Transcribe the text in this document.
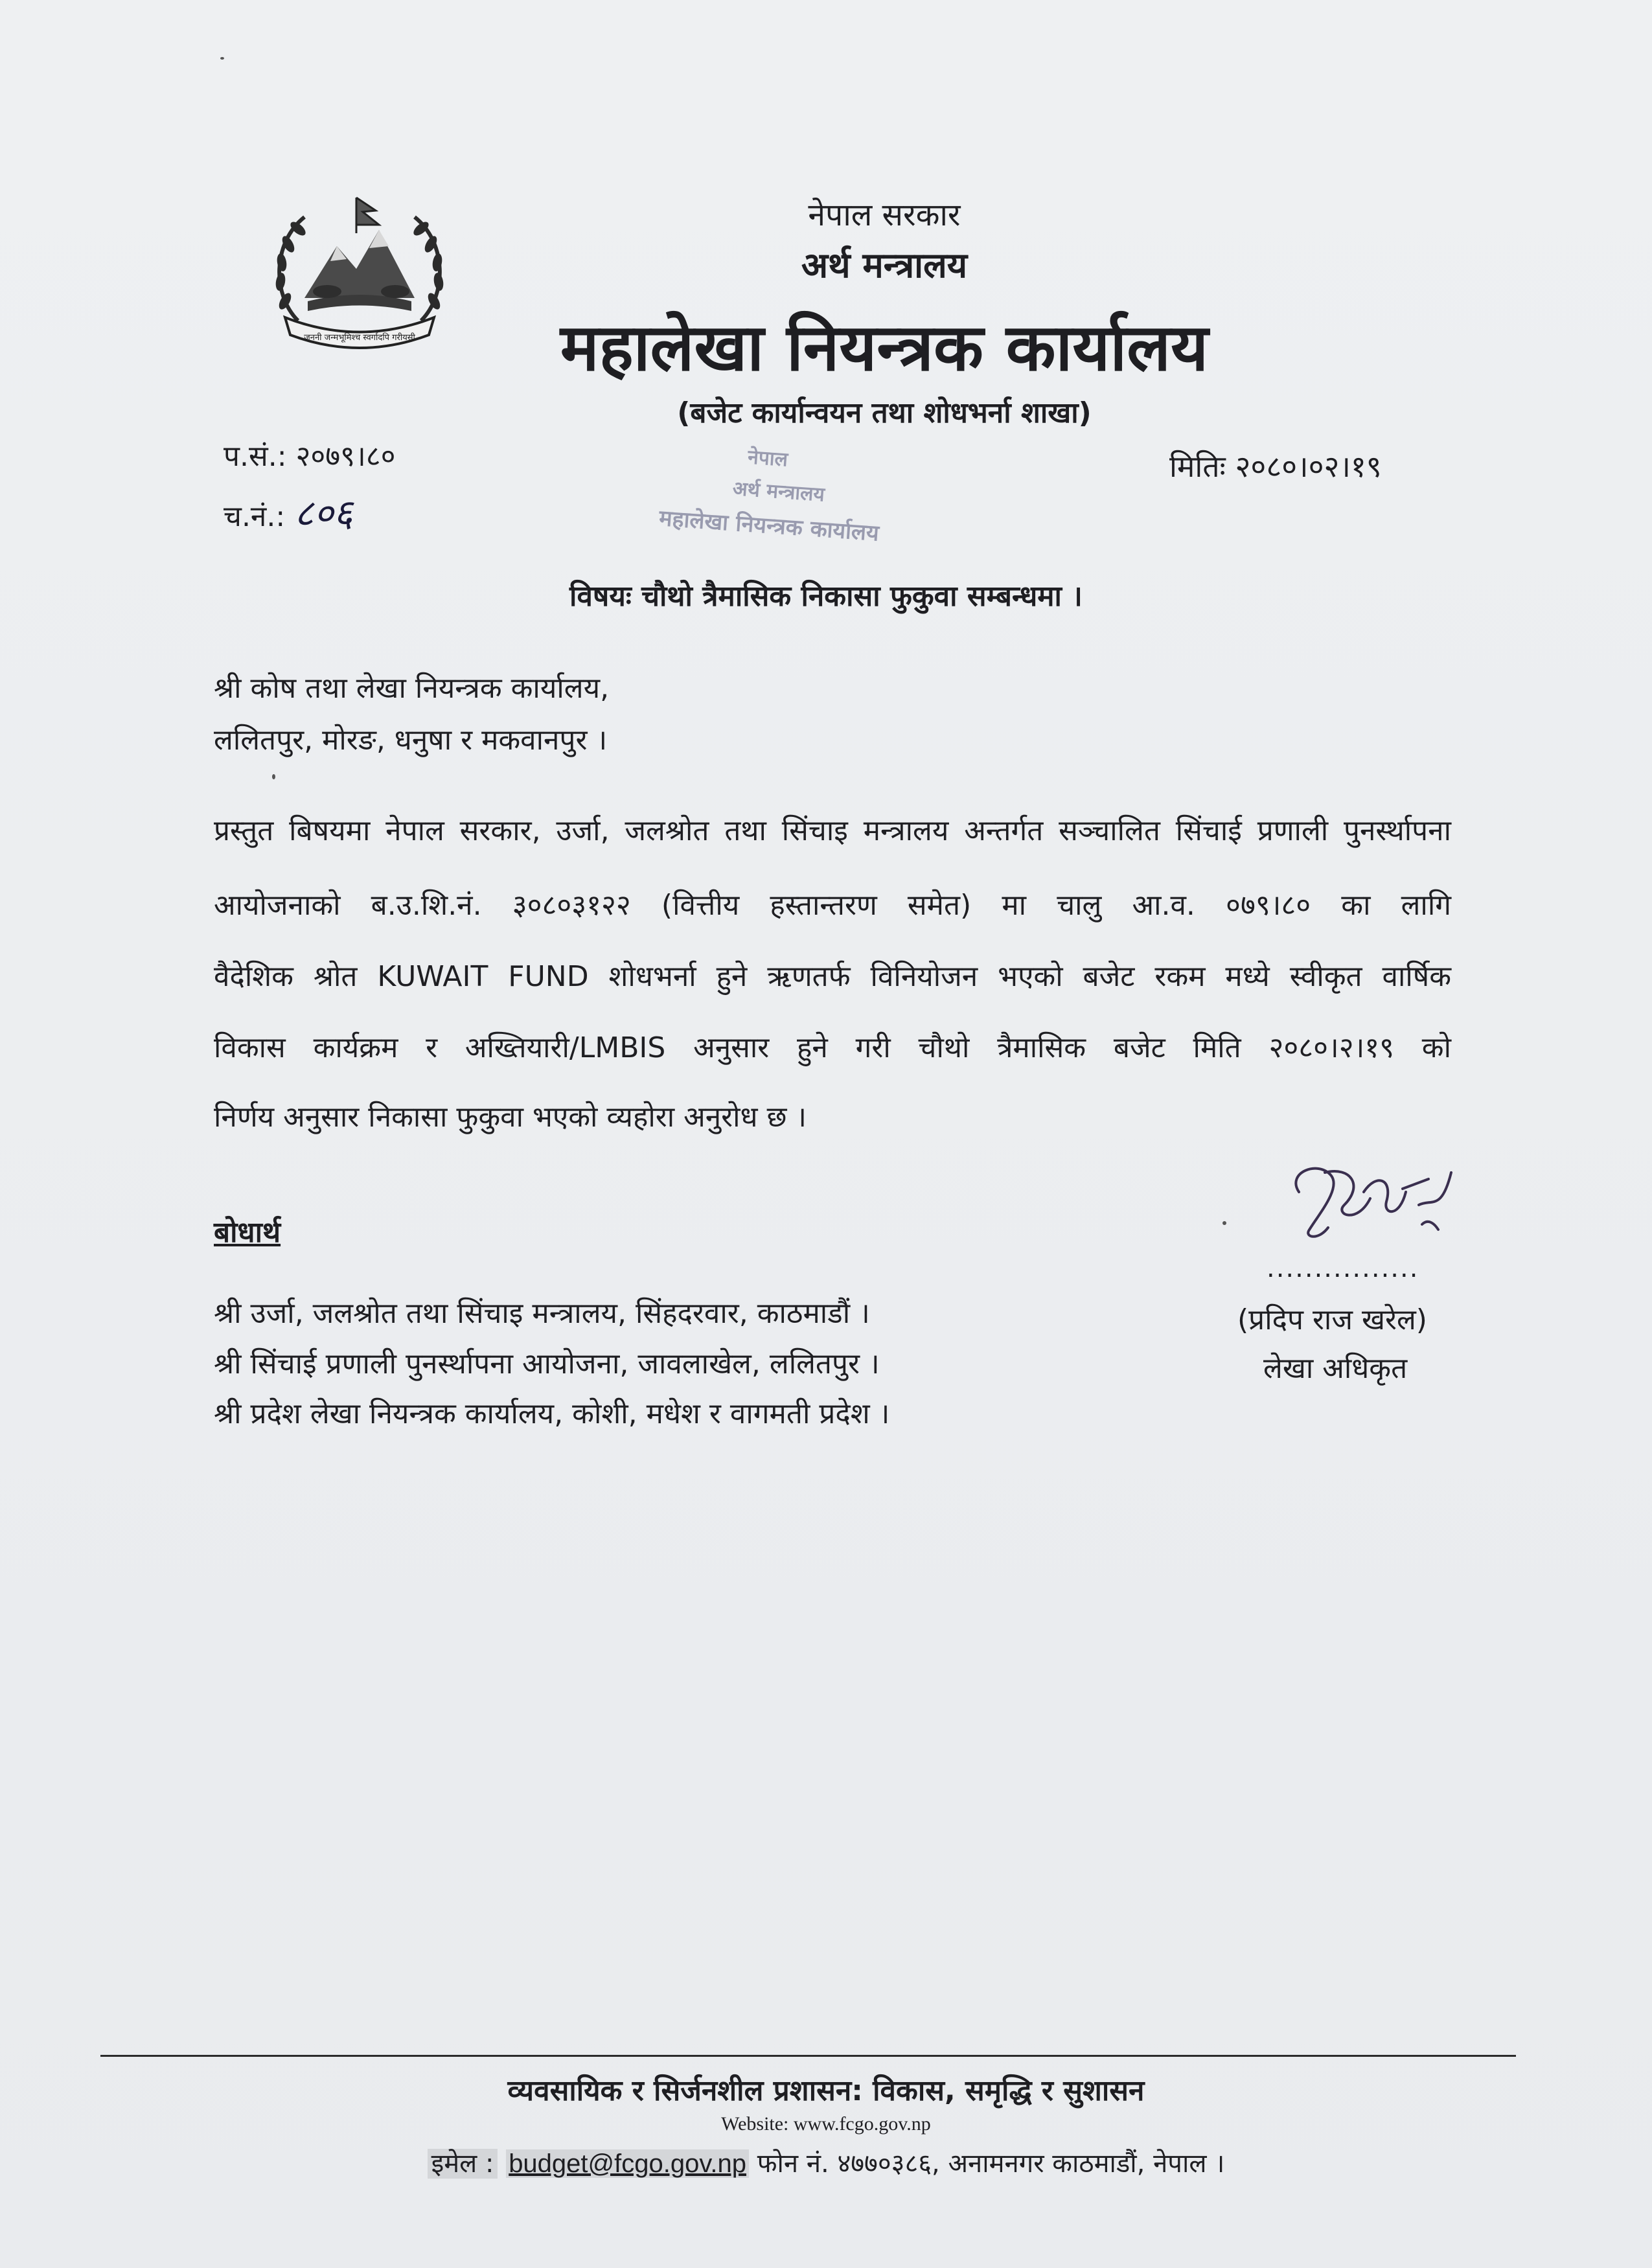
जननी जन्मभूमिश्च स्वर्गादपि गरीयसी
नेपाल सरकार
अर्थ मन्त्रालय
महालेखा नियन्त्रक कार्यालय
(बजेट कार्यान्वयन तथा शोधभर्ना शाखा)
प.सं.: २०७९।८०
च.नं.: ८०६
मितिः २०८०।०२।१९
नेपाल
अर्थ मन्त्रालय
महालेखा नियन्त्रक कार्यालय
विषयः चौथो त्रैमासिक निकासा फुकुवा सम्बन्धमा ।
श्री कोष तथा लेखा नियन्त्रक कार्यालय,
ललितपुर, मोरङ, धनुषा र मकवानपुर ।
प्रस्तुत बिषयमा नेपाल सरकार, उर्जा, जलश्रोत तथा सिंचाइ मन्त्रालय अन्तर्गत सञ्चालित सिंचाई प्रणाली पुनर्स्थापना
आयोजनाको ब.उ.शि.नं. ३०८०३१२२ (वित्तीय हस्तान्तरण समेत) मा चालु आ.व. ०७९।८० का लागि
वैदेशिक श्रोत KUWAIT FUND शोधभर्ना हुने ऋणतर्फ विनियोजन भएको बजेट रकम मध्ये स्वीकृत वार्षिक
विकास कार्यक्रम र अख्तियारी/LMBIS अनुसार हुने गरी चौथो त्रैमासिक बजेट मिति २०८०।२।१९ को
निर्णय अनुसार निकासा फुकुवा भएको व्यहोरा अनुरोध छ ।
बोधार्थ
श्री उर्जा, जलश्रोत तथा सिंचाइ मन्त्रालय, सिंहदरवार, काठमाडौं ।
श्री सिंचाई प्रणाली पुनर्स्थापना आयोजना, जावलाखेल, ललितपुर ।
श्री प्रदेश लेखा नियन्त्रक कार्यालय, कोशी, मधेश र वागमती प्रदेश ।
................
(प्रदिप राज खरेल)
लेखा अधिकृत
व्यवसायिक र सिर्जनशील प्रशासन: विकास, समृद्धि र सुशासन
Website: www.fcgo.gov.np
इमेल : budget@fcgo.gov.np फोन नं. ४७७०३८६, अनामनगर काठमाडौं, नेपाल ।
